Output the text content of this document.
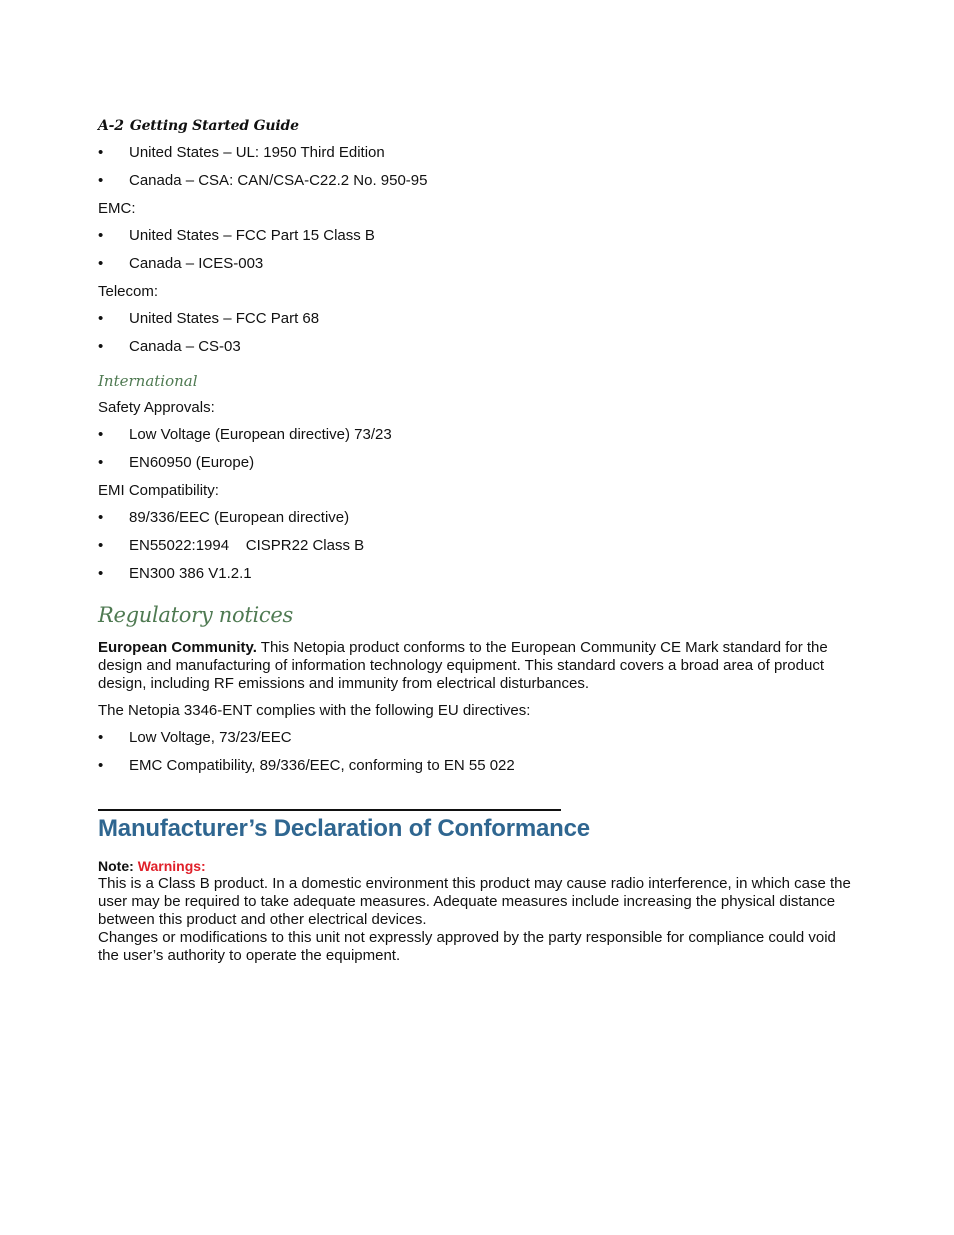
A-2 Getting Started Guide
•	United States – UL: 1950 Third Edition
•	Canada – CSA: CAN/CSA-C22.2 No. 950-95

EMC:

•	United States – FCC Part 15 Class B
•	Canada – ICES-003

Telecom:

•	United States – FCC Part 68
•	Canada – CS-03
International

Safety Approvals:

•	Low Voltage (European directive) 73/23
•	EN60950 (Europe)

EMI Compatibility:

•	89/336/EEC (European directive)
•	EN55022:1994    CISPR22 Class B
•	EN300 386 V1.2.1
Regulatory notices

European Community. This Netopia product conforms to the European Community CE Mark standard for the design and manufacturing of information technology equipment. This standard covers a broad area of product design, including RF emissions and immunity from electrical disturbances.

The Netopia 3346-ENT complies with the following EU directives:

•	Low Voltage, 73/23/EEC
•	EMC Compatibility, 89/336/EEC, conforming to EN 55 022
Manufacturer’s Declaration of Conformance

Note: Warnings:

This is a Class B product. In a domestic environment this product may cause radio interference, in which case the user may be required to take adequate measures. Adequate measures include increasing the physical distance between this product and other electrical devices.

Changes or modifications to this unit not expressly approved by the party responsible for compliance could void the user’s authority to operate the equipment.
